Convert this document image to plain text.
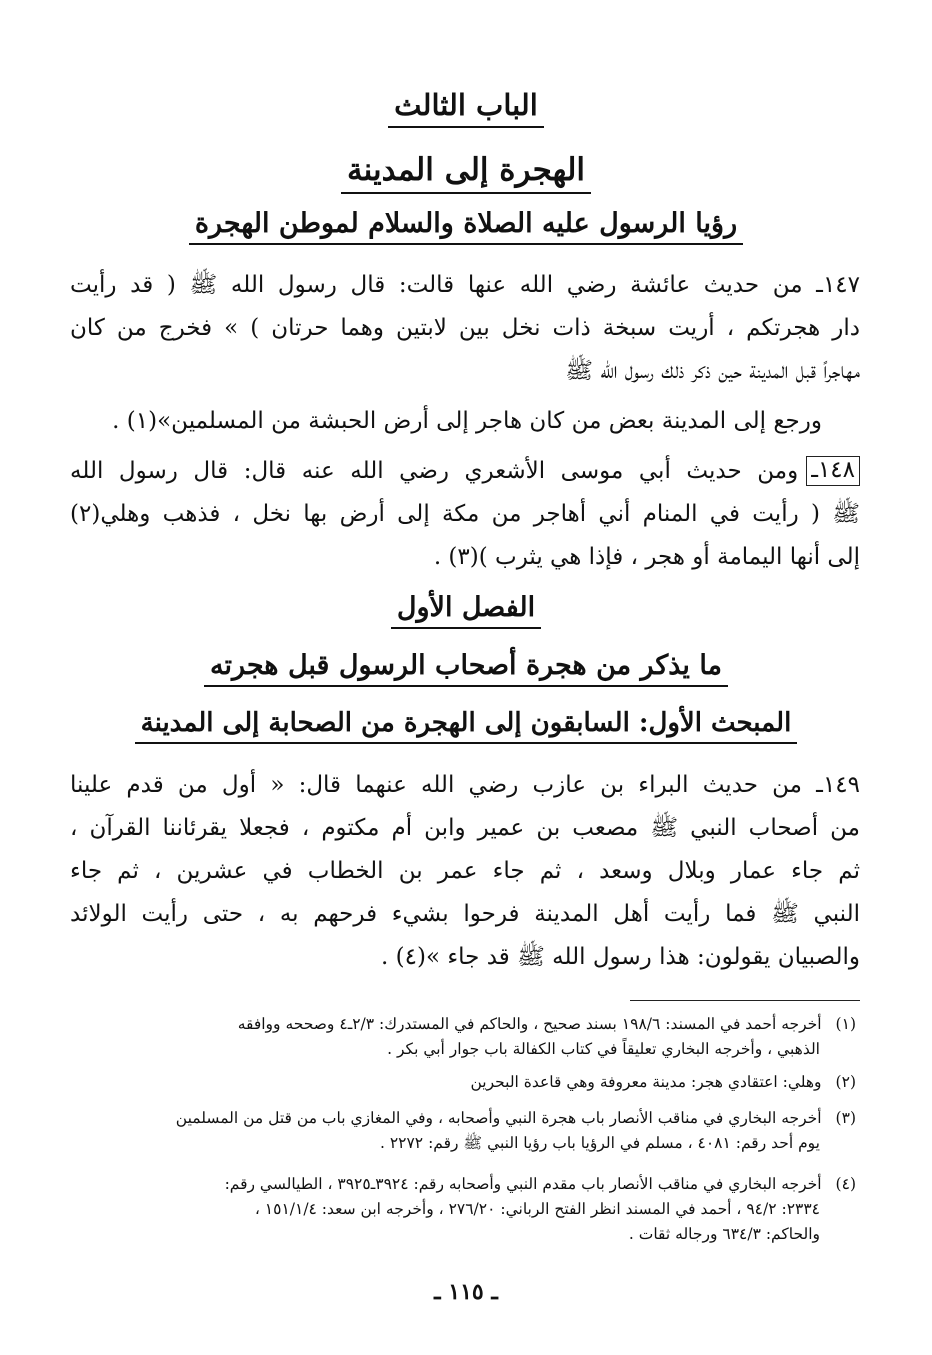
الباب الثالث
الهجرة إلى المدينة
رؤيا الرسول عليه الصلاة والسلام لموطن الهجرة
١٤٧ـ من حديث عائشة رضي الله عنها قالت: قال رسول الله ﷺ ( قد رأيت
دار هجرتكم ، أريت سبخة ذات نخل بين لابتين وهما حرتان ) » فخرج من كان
مهاجراً قبل المدينة حين ذكر ذلك رسول الله ﷺ
ورجع إلى المدينة بعض من كان هاجر إلى أرض الحبشة من المسلمين»(١) .
١٤٨ـ
ومن حديث أبي موسى الأشعري رضي الله عنه قال: قال رسول الله
ﷺ ( رأيت في المنام أني أهاجر من مكة إلى أرض بها نخل ، فذهب وهلي(٢)
إلى أنها اليمامة أو هجر ، فإذا هي يثرب )(٣) .
الفصل الأول
ما يذكر من هجرة أصحاب الرسول قبل هجرته
المبحث الأول: السابقون إلى الهجرة من الصحابة إلى المدينة
١٤٩ـ من حديث البراء بن عازب رضي الله عنهما قال: « أول من قدم علينا
من أصحاب النبي ﷺ مصعب بن عمير وابن أم مكتوم ، فجعلا يقرئاننا القرآن ،
ثم جاء عمار وبلال وسعد ، ثم جاء عمر بن الخطاب في عشرين ، ثم جاء
النبي ﷺ فما رأيت أهل المدينة فرحوا بشيء فرحهم به ، حتى رأيت الولائد
والصبيان يقولون: هذا رسول الله ﷺ قد جاء »(٤) .
(١)أخرجه أحمد في المسند: ١٩٨/٦ بسند صحيح ، والحاكم في المستدرك: ٢/٣ـ٤ وصححه ووافقه
الذهبي ، وأخرجه البخاري تعليقاً في كتاب الكفالة باب جوار أبي بكر .
(٢)وهلي: اعتقادي هجر: مدينة معروفة وهي قاعدة البحرين
(٣)أخرجه البخاري في مناقب الأنصار باب هجرة النبي وأصحابه ، وفي المغازي باب من قتل من المسلمين
يوم أحد رقم: ٤٠٨١ ، مسلم في الرؤيا باب رؤيا النبي ﷺ رقم: ٢٢٧٢ .
(٤)أخرجه البخاري في مناقب الأنصار باب مقدم النبي وأصحابه رقم: ٣٩٢٤ـ٣٩٢٥ ، الطيالسي رقم:
٢٣٣٤: ٩٤/٢ ، أحمد في المسند انظر الفتح الرباني: ٢٧٦/٢٠ ، وأخرجه ابن سعد: ١٥١/١/٤ ،
والحاكم: ٦٣٤/٣ ورجاله ثقات .
ـ ١١٥ ـ
